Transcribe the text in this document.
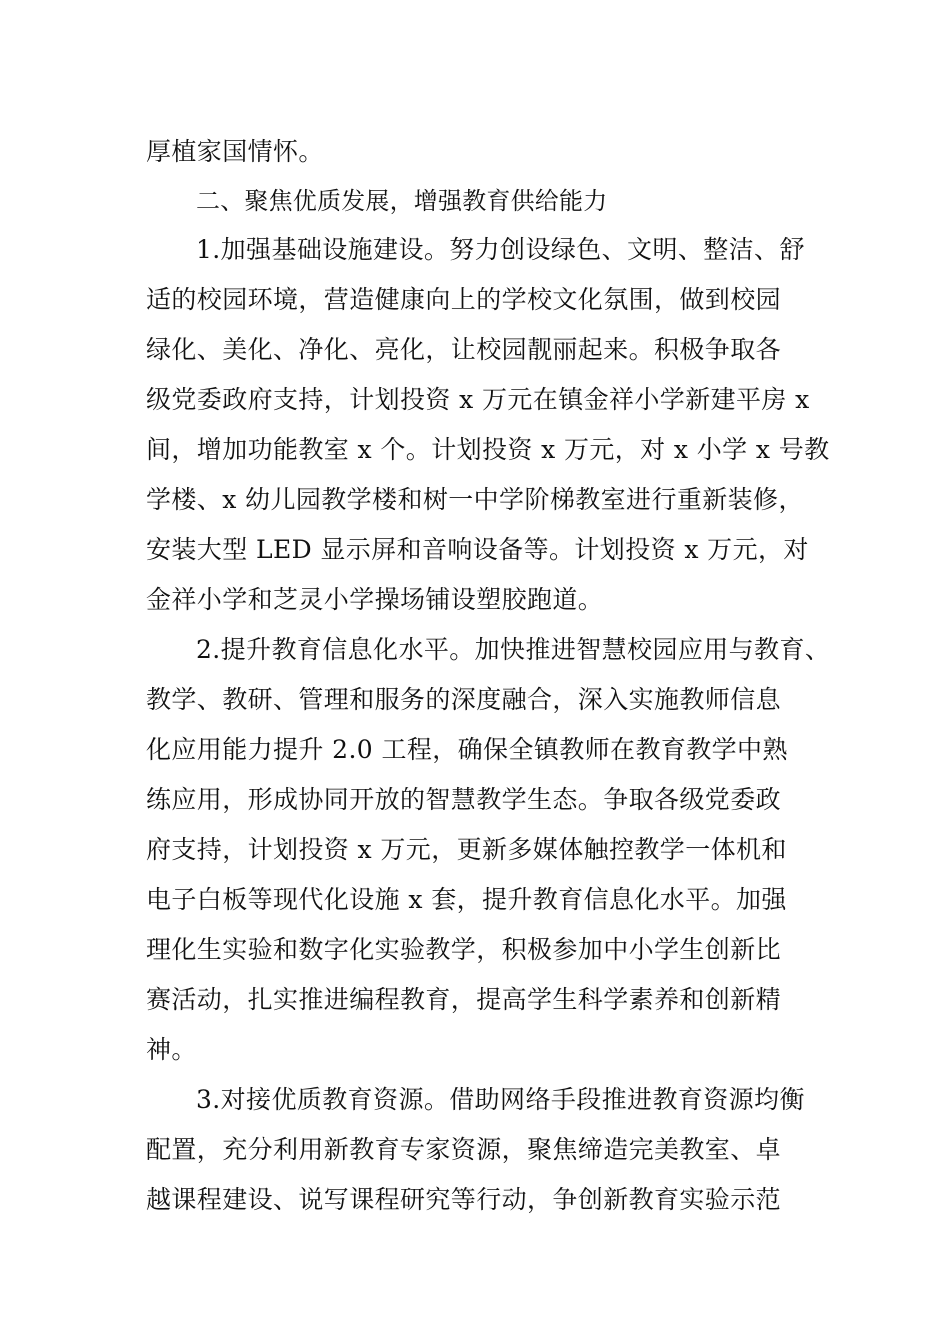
厚植家国情怀。
二、聚焦优质发展，增强教育供给能力
1.加强基础设施建设。努力创设绿色、文明、整洁、舒
适的校园环境，营造健康向上的学校文化氛围，做到校园
绿化、美化、净化、亮化，让校园靓丽起来。积极争取各
级党委政府支持，计划投资 x 万元在镇金祥小学新建平房 x
间，增加功能教室 x 个。计划投资 x 万元，对 x 小学 x 号教
学楼、x 幼儿园教学楼和树一中学阶梯教室进行重新装修，
安装大型 LED 显示屏和音响设备等。计划投资 x 万元，对
金祥小学和芝灵小学操场铺设塑胶跑道。
2.提升教育信息化水平。加快推进智慧校园应用与教育、
教学、教研、管理和服务的深度融合，深入实施教师信息
化应用能力提升 2.0 工程，确保全镇教师在教育教学中熟
练应用，形成协同开放的智慧教学生态。争取各级党委政
府支持，计划投资 x 万元，更新多媒体触控教学一体机和
电子白板等现代化设施 x 套，提升教育信息化水平。加强
理化生实验和数字化实验教学，积极参加中小学生创新比
赛活动，扎实推进编程教育，提高学生科学素养和创新精
神。
3.对接优质教育资源。借助网络手段推进教育资源均衡
配置，充分利用新教育专家资源，聚焦缔造完美教室、卓
越课程建设、说写课程研究等行动，争创新教育实验示范
